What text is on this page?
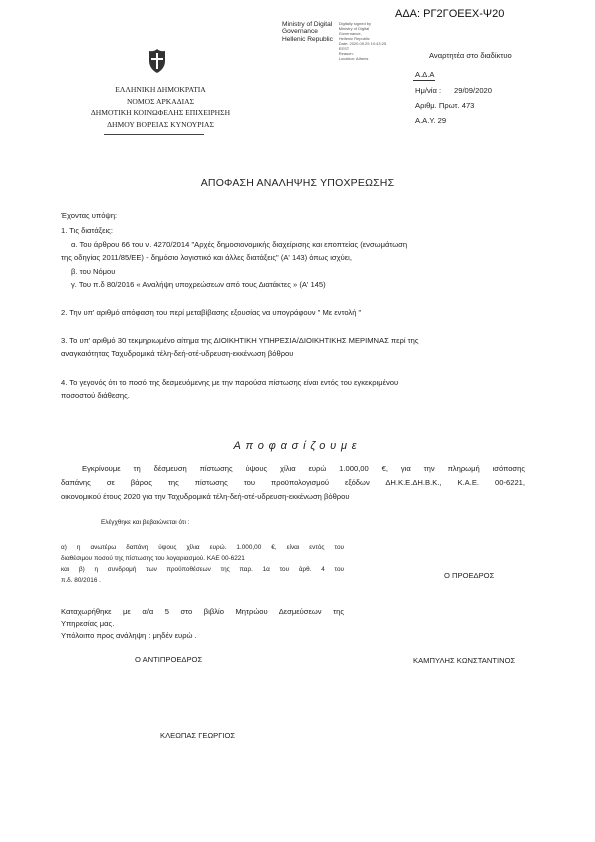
ΑΔΑ: ΡΓ2ΓΟΕΕΧ-Ψ20
Ministry of Digital
Governance
Hellenic Republic

Digitally signed by
Ministry of Digital
Governance,
Hellenic Republic
Date: 2020.09.29 10:43:25
EEST
Reason:
Location: Athens	Αναρτητέα στο διαδίκτυο
Α.Δ.Α
Ημ/νία : 29/09/2020
Αριθμ. Πρωτ. 473
Α.Α.Υ. 29
ΕΛΛΗΝΙΚΗ ΔΗΜΟΚΡΑΤΙΑ
ΝΟΜΟΣ ΑΡΚΑΔΙΑΣ
ΔΗΜΟΤΙΚΗ ΚΟΙΝΩΦΕΛΗΣ ΕΠΙΧΕΙΡΗΣΗ
ΔΗΜΟΥ ΒΟΡΕΙΑΣ ΚΥΝΟΥΡΙΑΣ
ΑΠΟΦΑΣΗ ΑΝΑΛΗΨΗΣ ΥΠΟΧΡΕΩΣΗΣ
Έχοντας υπόψη:
1. Τις διατάξεις:
α. Του άρθρου 66 του ν. 4270/2014 "Αρχές δημοσιονομικής διαχείρισης και εποπτείας (ενσωμάτωση
της οδηγίας 2011/85/ΕΕ) - δημόσιο λογιστικό και άλλες διατάξεις" (Α' 143) όπως ισχύει,
β. του Νόμου
γ. Του π.δ 80/2016 « Αναλήψη υποχρεώσεων από τους Διατάκτες » (Α' 145)
2. Την υπ' αριθμό απόφαση του περί μεταβίβασης εξουσίας να υπογράφουν " Με εντολή "
3. Το υπ' αριθμό 30 τεκμηριωμένο αίτημα της ΔΙΟΙΚΗΤΙΚΗ ΥΠΗΡΕΣΙΑ/ΔΙΟΙΚΗΤΙΚΗΣ ΜΕΡΙΜΝΑΣ περί της
αναγκαιότητας Ταχυδρομικά τέλη-δεή-οτέ-υδρευση-εκκένωση βόθρου
4. Το γεγονός ότι το ποσό της δεσμευόμενης με την παρούσα πίστωσης είναι εντός του εγκεκριμένου
ποσοστού διάθεσης.
Αποφασίζουμε
Εγκρίνουμε τη δέσμευση πίστωσης ύψους χίλια ευρώ 1.000,00 €, για την πληρωμή ισόποσης
δαπάνης σε βάρος της πίστωσης του προϋπολογισμού εξόδων ΔΗ.Κ.Ε.ΔΗ.Β.Κ., Κ.Α.Ε. 00-6221,
οικονομικού έτους 2020 για την Ταχυδρομικά τέλη-δεή-οτέ-υδρευση-εκκένωση βόθρου
Ελέγχθηκε και βεβαιώνεται ότι :
α) η ανωτέρω δαπάνη ύψους χίλια ευρώ. 1.000,00 €, είναι εντός του
διαθέσιμου ποσού της πίστωσης του λογαριασμού. ΚΑΕ 00-6221
και β) η συνδρομή των προϋποθέσεων της παρ. 1α του άρθ. 4 του
π.δ. 80/2016 .
Καταχωρήθηκε με α/α 5 στο βιβλίο Μητρώου Δεσμεύσεων της
Υπηρεσίας μας.
Υπόλοιπο προς ανάληψη : μηδέν ευρώ .
Ο ΠΡΟΕΔΡΟΣ
ΚΑΜΠΥΛΗΣ ΚΩΝΣΤΑΝΤΙΝΟΣ
Ο ΑΝΤΙΠΡΟΕΔΡΟΣ
ΚΛΕΩΠΑΣ ΓΕΩΡΓΙΟΣ
